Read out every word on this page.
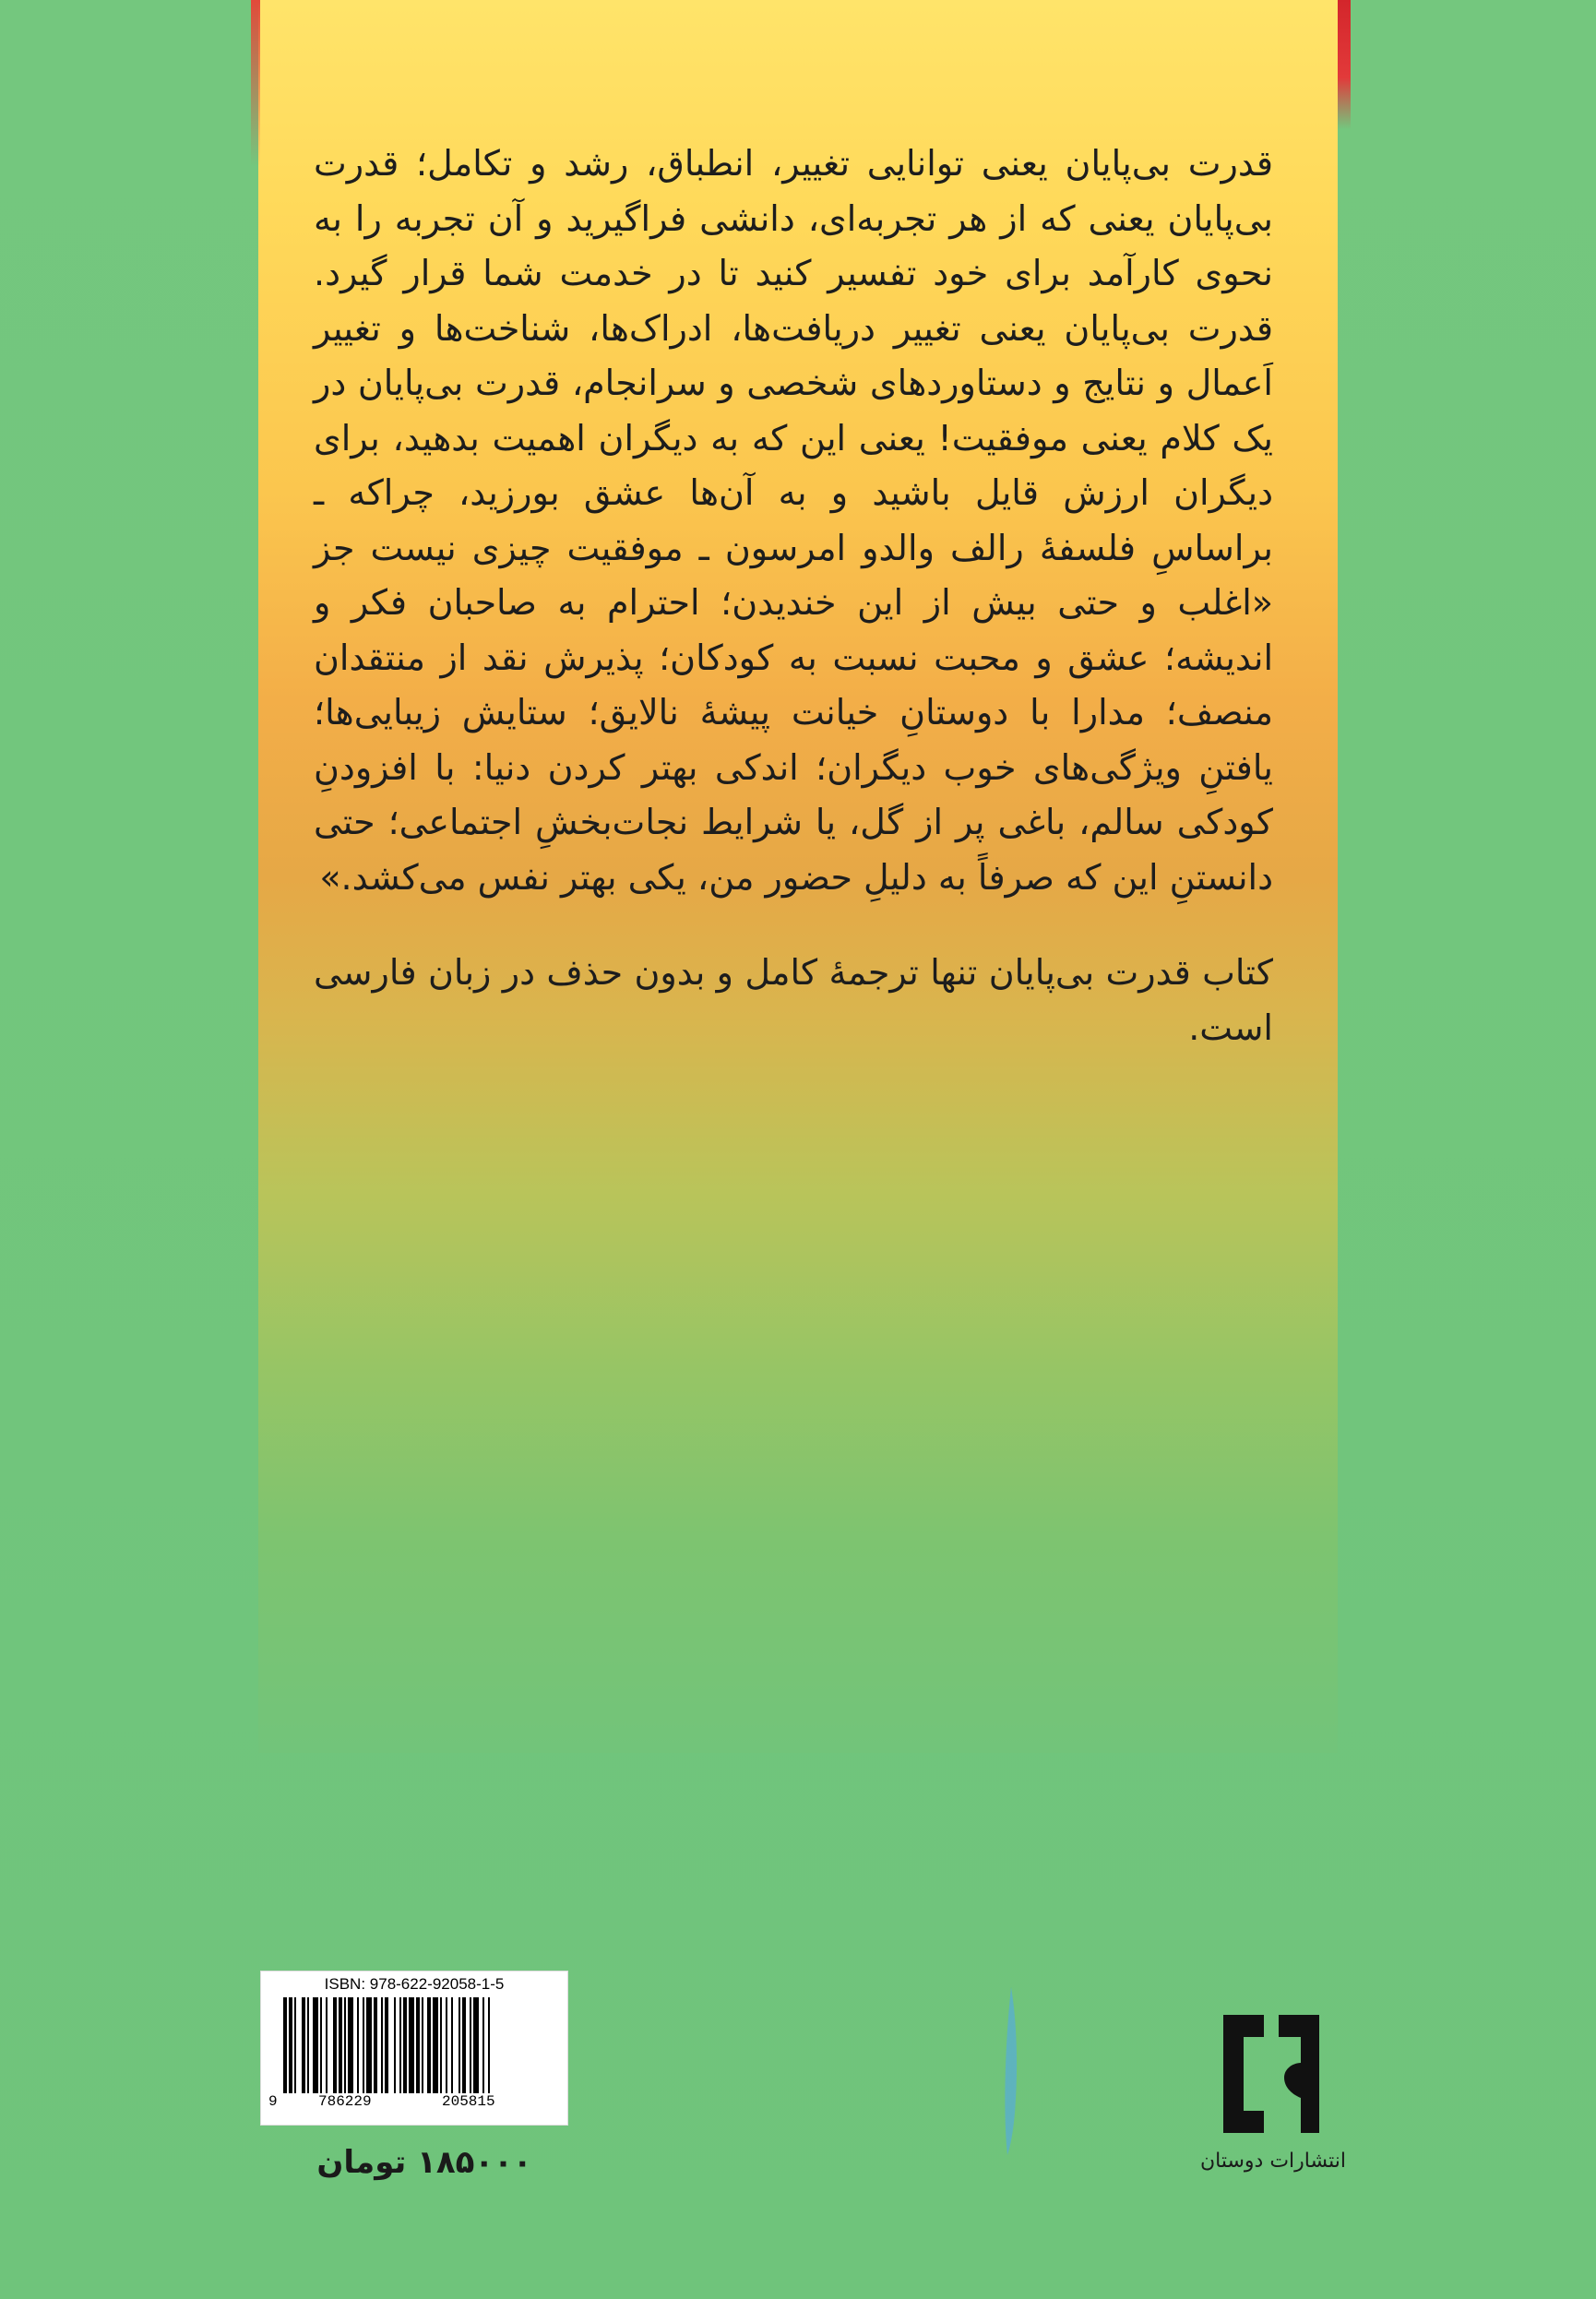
قدرت بی‌پایان یعنی توانایی تغییر، انطباق، رشد و تکامل؛ قدرت بی‌پایان یعنی که از هر تجربه‌ای، دانشی فراگیرید و آن تجربه را به نحوی کارآمد برای خود تفسیر کنید تا در خدمت شما قرار گیرد. قدرت بی‌پایان یعنی تغییر دریافت‌ها، ادراک‌ها، شناخت‌ها و تغییر اَعمال و نتایج و دستاوردهای شخصی و سرانجام، قدرت بی‌پایان در یک کلام یعنی موفقیت! یعنی این که به دیگران اهمیت بدهید، برای دیگران ارزش قایل باشید و به آن‌ها عشق بورزید، چراکه ـ براساسِ فلسفهٔ رالف والدو امرسون ـ موفقیت چیزی نیست جز «اغلب و حتی بیش از این خندیدن؛ احترام به صاحبان فکر و اندیشه؛ عشق و محبت نسبت به کودکان؛ پذیرش نقد از منتقدان منصف؛ مدارا با دوستانِ خیانت پیشهٔ نالایق؛ ستایش زیبایی‌ها؛ یافتنِ ویژگی‌های خوب دیگران؛ اندکی بهتر کردن دنیا: با افزودنِ کودکی سالم، باغی پر از گل، یا شرایط نجات‌بخشِ اجتماعی؛ حتی دانستنِ این که صرفاً به دلیلِ حضور من، یکی بهتر نفس می‌کشد.»

کتاب قدرت بی‌پایان تنها ترجمهٔ کامل و بدون حذف در زبان فارسی است.

ISBN: 978-622-92058-1-5
9	786229	205815
۱۸۵۰۰۰ تومان	انتشارات دوستان
